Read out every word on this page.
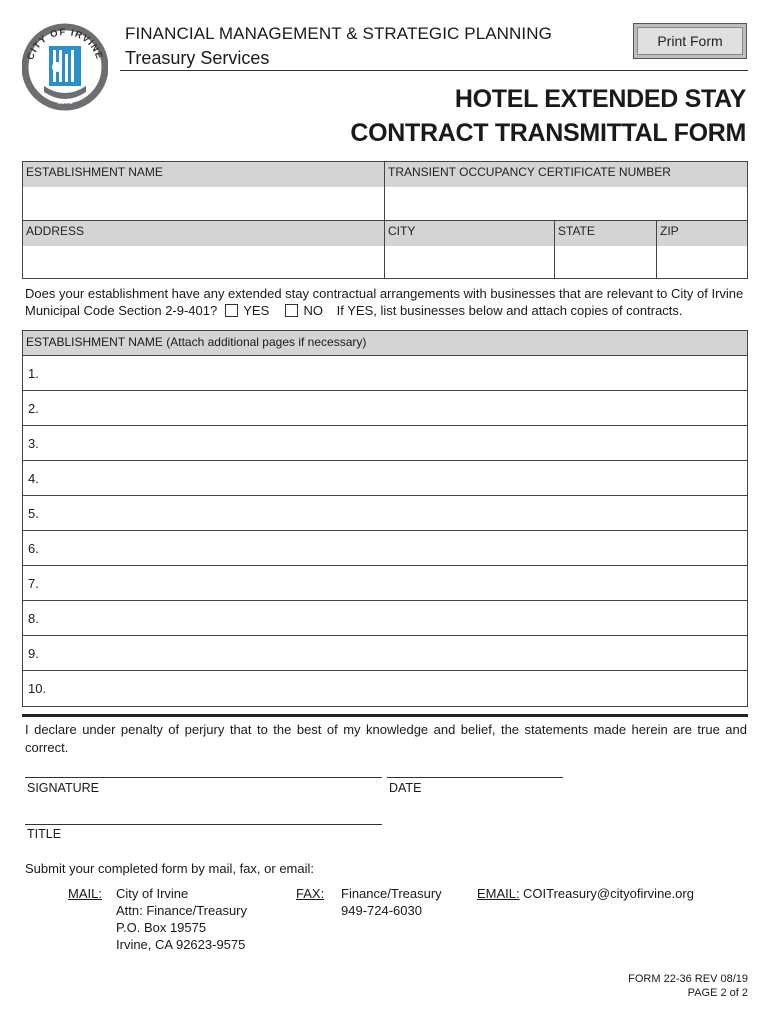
CITY OF IRVINE
1971
FINANCIAL MANAGEMENT & STRATEGIC PLANNING
Treasury Services
Print Form
HOTEL EXTENDED STAY
CONTRACT TRANSMITTAL FORM
ESTABLISHMENT NAME	TRANSIENT OCCUPANCY CERTIFICATE NUMBER
ADDRESS	CITY	STATE	ZIP
Does your establishment have any extended stay contractual arrangements with businesses that are relevant to City of Irvine
Municipal Code Section 2-9-401? YES	NO If YES, list businesses below and attach copies of contracts.
ESTABLISHMENT NAME (Attach additional pages if necessary)
1.
2.
3.
4.
5.
6.
7.
8.
9.
10.
I declare under penalty of perjury that to the best of my knowledge and belief, the statements made herein are true and correct.
SIGNATURE	DATE
TITLE
Submit your completed form by mail, fax, or email:
MAIL: City of Irvine
Attn: Finance/Treasury
P.O. Box 19575
Irvine, CA 92623-9575
FAX: Finance/Treasury
949-724-6030
EMAIL: COITreasury@cityofirvine.org
FORM 22-36 REV 08/19
PAGE 2 of 2
